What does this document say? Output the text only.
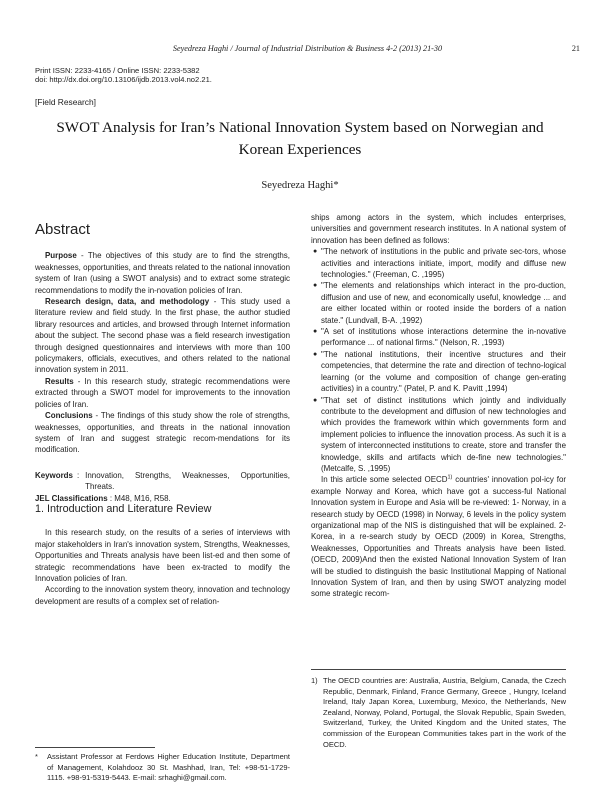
Seyedreza Haghi / Journal of Industrial Distribution & Business 4-2 (2013) 21-30	21
Print ISSN: 2233-4165 / Online ISSN: 2233-5382
doi: http://dx.doi.org/10.13106/ijdb.2013.vol4.no2.21.
[Field Research]
SWOT Analysis for Iran’s National Innovation System based on Norwegian and Korean Experiences
Seyedreza Haghi*
Abstract

Purpose - The objectives of this study are to find the strengths, weaknesses, opportunities, and threats related to the national innovation system of Iran (using a SWOT analysis) and to extract some strategic recommendations to modify the in-novation policies of Iran.

Research design, data, and methodology - This study used a literature review and field study. In the first phase, the author studied library resources and articles, and browsed through Internet information about the subject. The second phase was a field research investigation through designed questionnaires and interviews with more than 100 policymakers, officials, executives, and others related to the national innovation system in 2011.

Results - In this research study, strategic recommendations were extracted through a SWOT model for improvements to the innovation policies of Iran.

Conclusions - The findings of this study show the role of strengths, weaknesses, opportunities, and threats in the national innovation system of Iran and suggest strategic recom-mendations for its modification.

Keywords : Innovation, Strengths, Weaknesses, Opportunities, Threats.

JEL Classifications : M48, M16, R58.

1. Introduction and Literature Review

In this research study, on the results of a series of interviews with major stakeholders in Iran's innovation system, Strengths, Weaknesses, Opportunities and Threats analysis have been list-ed and then some of strategic recommendations have been ex-tracted to modify the Innovation policies of Iran.

According to the innovation system theory, innovation and technology development are results of a complex set of relation-

*	Assistant Professor at Ferdows Higher Education Institute, Department of Management, Kolahdooz 30 St. Mashhad, Iran, Tel: +98-51-1729-1115. +98-91-5319-5443. E-mail: srhaghi@gmail.com.

ships among actors in the system, which includes enterprises, universities and government research institutes. In A national system of innovation has been defined as follows:

● "The network of institutions in the public and private sec-tors, whose activities and interactions initiate, import, modify and diffuse new technologies." (Freeman, C. ,1995)
● "The elements and relationships which interact in the pro-duction, diffusion and use of new, and economically useful, knowledge ... and are either located within or rooted inside the borders of a nation state." (Lundvall, B-A. ,1992)
● "A set of institutions whose interactions determine the in-novative performance ... of national firms." (Nelson, R. ,1993)
● "The national institutions, their incentive structures and their competencies, that determine the rate and direction of techno-logical learning (or the volume and composition of change gen-erating activities) in a country." (Patel, P. and K. Pavitt ,1994)
● "That set of distinct institutions which jointly and individually contribute to the development and diffusion of new technologies and which provides the framework within which governments form and implement policies to influence the innovation process. As such it is a system of interconnected institutions to create, store and transfer the knowledge, skills and artifacts which de-fine new technologies." (Metcalfe, S. ,1995)

In this article some selected OECD$^{1)}$ countries' innovation pol-icy for example Norway and Korea, which have got a success-ful National Innovation system in Europe and Asia will be re-viewed: 1- Norway, in a research study by OECD (1998) in Norway, 6 levels in the policy system organizational map of the NIS is distinguished that will be explained. 2-Korea, in a re-search study by OECD (2009) in Korea, Strengths, Weaknesses, Opportunities and Threats analysis have been listed. (OECD, 2009)And then the existed National Innovation System of Iran will be studied to distinguish the basic Institutional Mapping of National Innovation System of Iran, and then by using SWOT analyzing model some strategic recom-

1) The OECD countries are: Australia, Austria, Belgium, Canada, the Czech Republic, Denmark, Finland, France Germany, Greece , Hungry, Iceland Ireland, Italy Japan Korea, Luxemburg, Mexico, the Netherlands, New Zealand, Norway, Poland, Portugal, the Slovak Republic, Spain Sweden, Switzerland, Turkey, the United Kingdom and the United states, The commission of the European Communities takes part in the work of the OECD.
